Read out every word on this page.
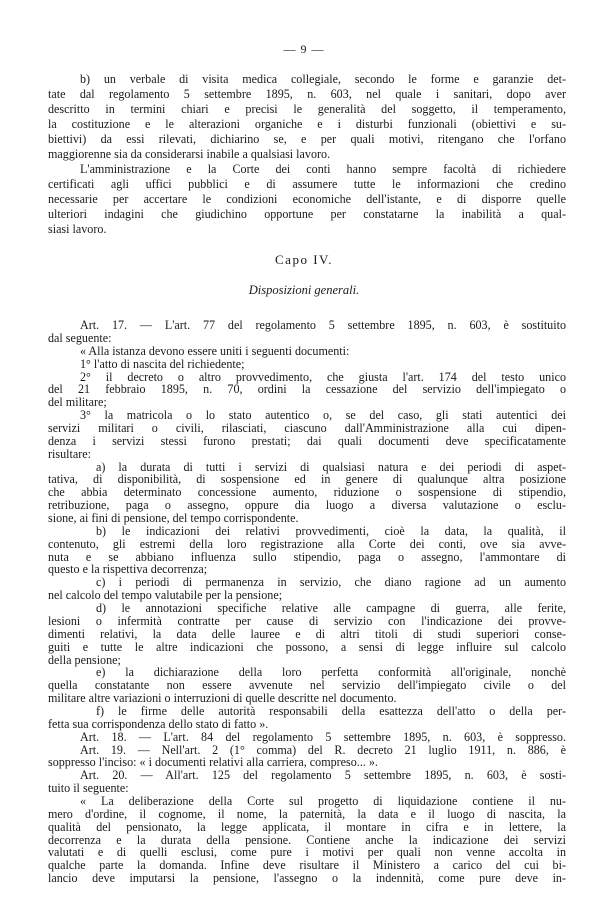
— 9 —
b) un verbale di visita medica collegiale, secondo le forme e garanzie det-
tate dal regolamento 5 settembre 1895, n. 603, nel quale i sanitari, dopo aver
descritto in termini chiari e precisi le generalità del soggetto, il temperamento,
la costituzione e le alterazioni organiche e i disturbi funzionali (obiettivi e su-
biettivi) da essi rilevati, dichiarino se, e per quali motivi, ritengano che l'orfano
maggiorenne sia da considerarsi inabile a qualsiasi lavoro.
L'amministrazione e la Corte dei conti hanno sempre facoltà di richiedere
certificati agli uffici pubblici e di assumere tutte le informazioni che credino
necessarie per accertare le condizioni economiche dell'istante, e di disporre quelle
ulteriori indagini che giudichino opportune per constatarne la inabilità a qual-
siasi lavoro.
Capo IV.
Disposizioni generali.
Art. 17. — L'art. 77 del regolamento 5 settembre 1895, n. 603, è sostituito
dal seguente:
« Alla istanza devono essere uniti i seguenti documenti:
1° l'atto di nascita del richiedente;
2° il decreto o altro provvedimento, che giusta l'art. 174 del testo unico
del 21 febbraio 1895, n. 70, ordini la cessazione del servizio dell'impiegato o
del militare;
3° la matricola o lo stato autentico o, se del caso, gli stati autentici dei
servizi militari o civili, rilasciati, ciascuno dall'Amministrazione alla cui dipen-
denza i servizi stessi furono prestati; dai quali documenti deve specificatamente
risultare:
a) la durata di tutti i servizi di qualsiasi natura e dei periodi di aspet-
tativa, di disponibilità, di sospensione ed in genere di qualunque altra posizione
che abbia determinato concessione aumento, riduzione o sospensione di stipendio,
retribuzione, paga o assegno, oppure dia luogo a diversa valutazione o esclu-
sione, ai fini di pensione, del tempo corrispondente.
b) le indicazioni dei relativi provvedimenti, cioè la data, la qualità, il
contenuto, gli estremi della loro registrazione alla Corte dei conti, ove sia avve-
nuta e se abbiano influenza sullo stipendio, paga o assegno, l'ammontare di
questo e la rispettiva decorrenza;
c) i periodi di permanenza in servizio, che diano ragione ad un aumento
nel calcolo del tempo valutabile per la pensione;
d) le annotazioni specifiche relative alle campagne di guerra, alle ferite,
lesioni o infermità contratte per cause di servizio con l'indicazione dei provve-
dimenti relativi, la data delle lauree e di altri titoli di studi superiori conse-
guiti e tutte le altre indicazioni che possono, a sensi di legge influire sul calcolo
della pensione;
e) la dichiarazione della loro perfetta conformità all'originale, nonchè
quella constatante non essere avvenute nel servizio dell'impiegato civile o del
militare altre variazioni o interruzioni di quelle descritte nel documento.
f) le firme delle autorità responsabili della esattezza dell'atto o della per-
fetta sua corrispondenza dello stato di fatto ».
Art. 18. — L'art. 84 del regolamento 5 settembre 1895, n. 603, è soppresso.
Art. 19. — Nell'art. 2 (1° comma) del R. decreto 21 luglio 1911, n. 886, è
soppresso l'inciso: « i documenti relativi alla carriera, compreso... ».
Art. 20. — All'art. 125 del regolamento 5 settembre 1895, n. 603, è sosti-
tuito il seguente:
« La deliberazione della Corte sul progetto di liquidazione contiene il nu-
mero d'ordine, il cognome, il nome, la paternità, la data e il luogo di nascita, la
qualità del pensionato, la legge applicata, il montare in cifra e in lettere, la
decorrenza e la durata della pensione. Contiene anche la indicazione dei servizi
valutati e di quelli esclusi, come pure i motivi per quali non venne accolta in
qualche parte la domanda. Infine deve risultare il Ministero a carico del cui bi-
lancio deve imputarsi la pensione, l'assegno o la indennità, come pure deve in-
